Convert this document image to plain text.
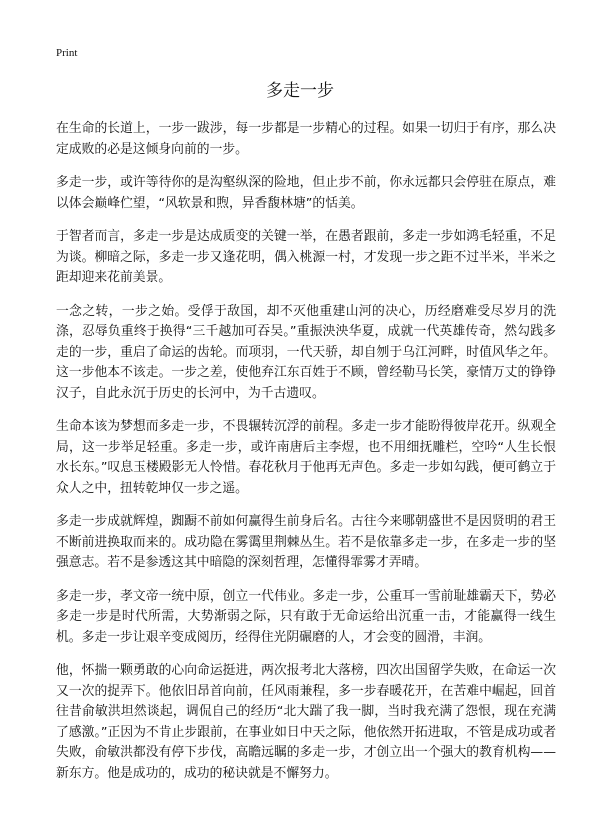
Print
多走一步

在生命的长道上，一步一跋涉，每一步都是一步精心的过程。如果一切归于有序，那么决定成败的必是这倾身向前的一步。

多走一步，或许等待你的是沟壑纵深的险地，但止步不前，你永远都只会停驻在原点，难以体会巅峰伫望，“风软景和煦，异香馥林塘”的恬美。

于智者而言，多走一步是达成质变的关键一举，在愚者跟前，多走一步如鸿毛轻重，不足为谈。柳暗之际，多走一步又逢花明，偶入桃源一村，才发现一步之距不过半米，半米之距却迎来花前美景。

一念之转，一步之始。受俘于敌国，却不灭他重建山河的决心，历经磨难受尽岁月的洗涤，忍辱负重终于换得“三千越加可吞吴。”重振泱泱华夏，成就一代英雄传奇，然勾践多走的一步，重启了命运的齿轮。而项羽，一代天骄，却自刎于乌江河畔，时值风华之年。这一步他本不该走。一步之差，使他弃江东百姓于不顾，曾经勒马长笑，豪情万丈的铮铮汉子，自此永沉于历史的长河中，为千古遗叹。

生命本该为梦想而多走一步，不畏辗转沉浮的前程。多走一步才能盼得彼岸花开。纵观全局，这一步举足轻重。多走一步，或许南唐后主李煜，也不用细抚雕栏，空吟“人生长恨水长东。”叹息玉楼殿影无人怜惜。春花秋月于他再无声色。多走一步如勾践，便可鹤立于众人之中，扭转乾坤仅一步之遥。

多走一步成就辉煌，踟蹰不前如何赢得生前身后名。古往今来哪朝盛世不是因贤明的君王不断前进换取而来的。成功隐在雾霭里荆棘丛生。若不是依靠多走一步，在多走一步的坚强意志。若不是参透这其中暗隐的深刻哲理，怎懂得霏雾才弄晴。

多走一步，孝文帝一统中原，创立一代伟业。多走一步，公重耳一雪前耻雄霸天下，势必多走一步是时代所需，大势渐弱之际，只有敢于无命运给出沉重一击，才能赢得一线生机。多走一步让艰辛变成阅历，经得住光阴碾磨的人，才会变的圆滑，丰润。

他，怀揣一颗勇敢的心向命运挺进，两次报考北大落榜，四次出国留学失败，在命运一次又一次的捉弄下。他依旧昂首向前，任风雨兼程，多一步春暖花开，在苦难中崛起，回首往昔俞敏洪坦然谈起，调侃自己的经历“北大踹了我一脚，当时我充满了怨恨，现在充满了感激。”正因为不肯止步跟前，在事业如日中天之际，他依然开拓进取，不管是成功或者失败，俞敏洪都没有停下步伐，高瞻远瞩的多走一步，才创立出一个强大的教育机构——新东方。他是成功的，成功的秘诀就是不懈努力。
